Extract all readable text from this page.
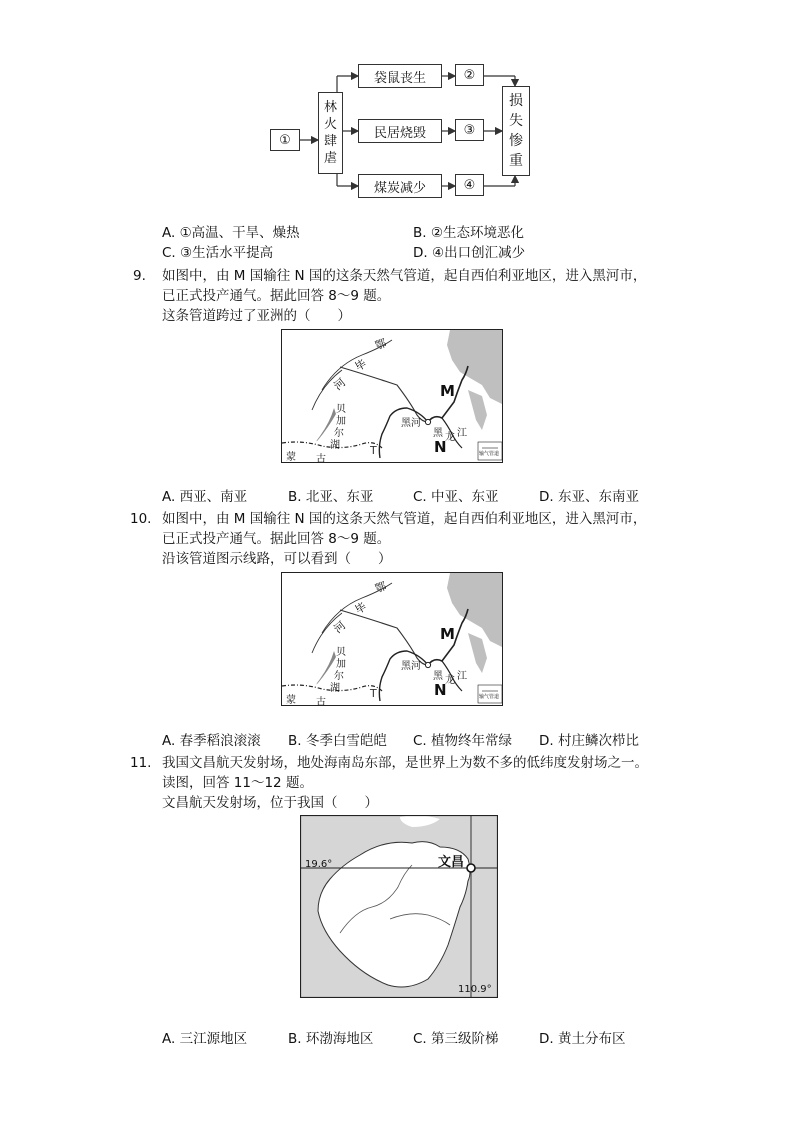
①
林
火
肆
虐
袋鼠丧生
民居烧毁
煤炭减少
②
③
④
损
失
惨
重
A. ①高温、干旱、燥热	B. ②生态环境恶化
C. ③生活水平提高	D. ④出口创汇减少
9. 如图中，由 M 国输往 N 国的这条天然气管道，起自西伯利亚地区，进入黑河市，
已正式投产通气。据此回答 8～9 题。
这条管道跨过了亚洲的（　　）
T
鄂
毕
河
贝
加
尔
湖
M
N
黑河
黑 龙 江
蒙 古	输气管道
A. 西亚、南亚	B. 北亚、东亚	C. 中亚、东亚	D. 东亚、东南亚
10. 如图中，由 M 国输往 N 国的这条天然气管道，起自西伯利亚地区，进入黑河市，
已正式投产通气。据此回答 8～9 题。
沿该管道图示线路，可以看到（　　）
T
鄂
毕
河
贝
加
尔
湖
M
N
黑河
黑 龙 江
蒙 古	输气管道
A. 春季稻浪滚滚 B. 冬季白雪皑皑 C. 植物终年常绿 D. 村庄鳞次栉比
11. 我国文昌航天发射场，地处海南岛东部，是世界上为数不多的低纬度发射场之一。
读图，回答 11～12 题。
文昌航天发射场，位于我国（　　）
文昌
19.6°
110.9°
A. 三江源地区	B. 环渤海地区	C. 第三级阶梯	D. 黄土分布区
